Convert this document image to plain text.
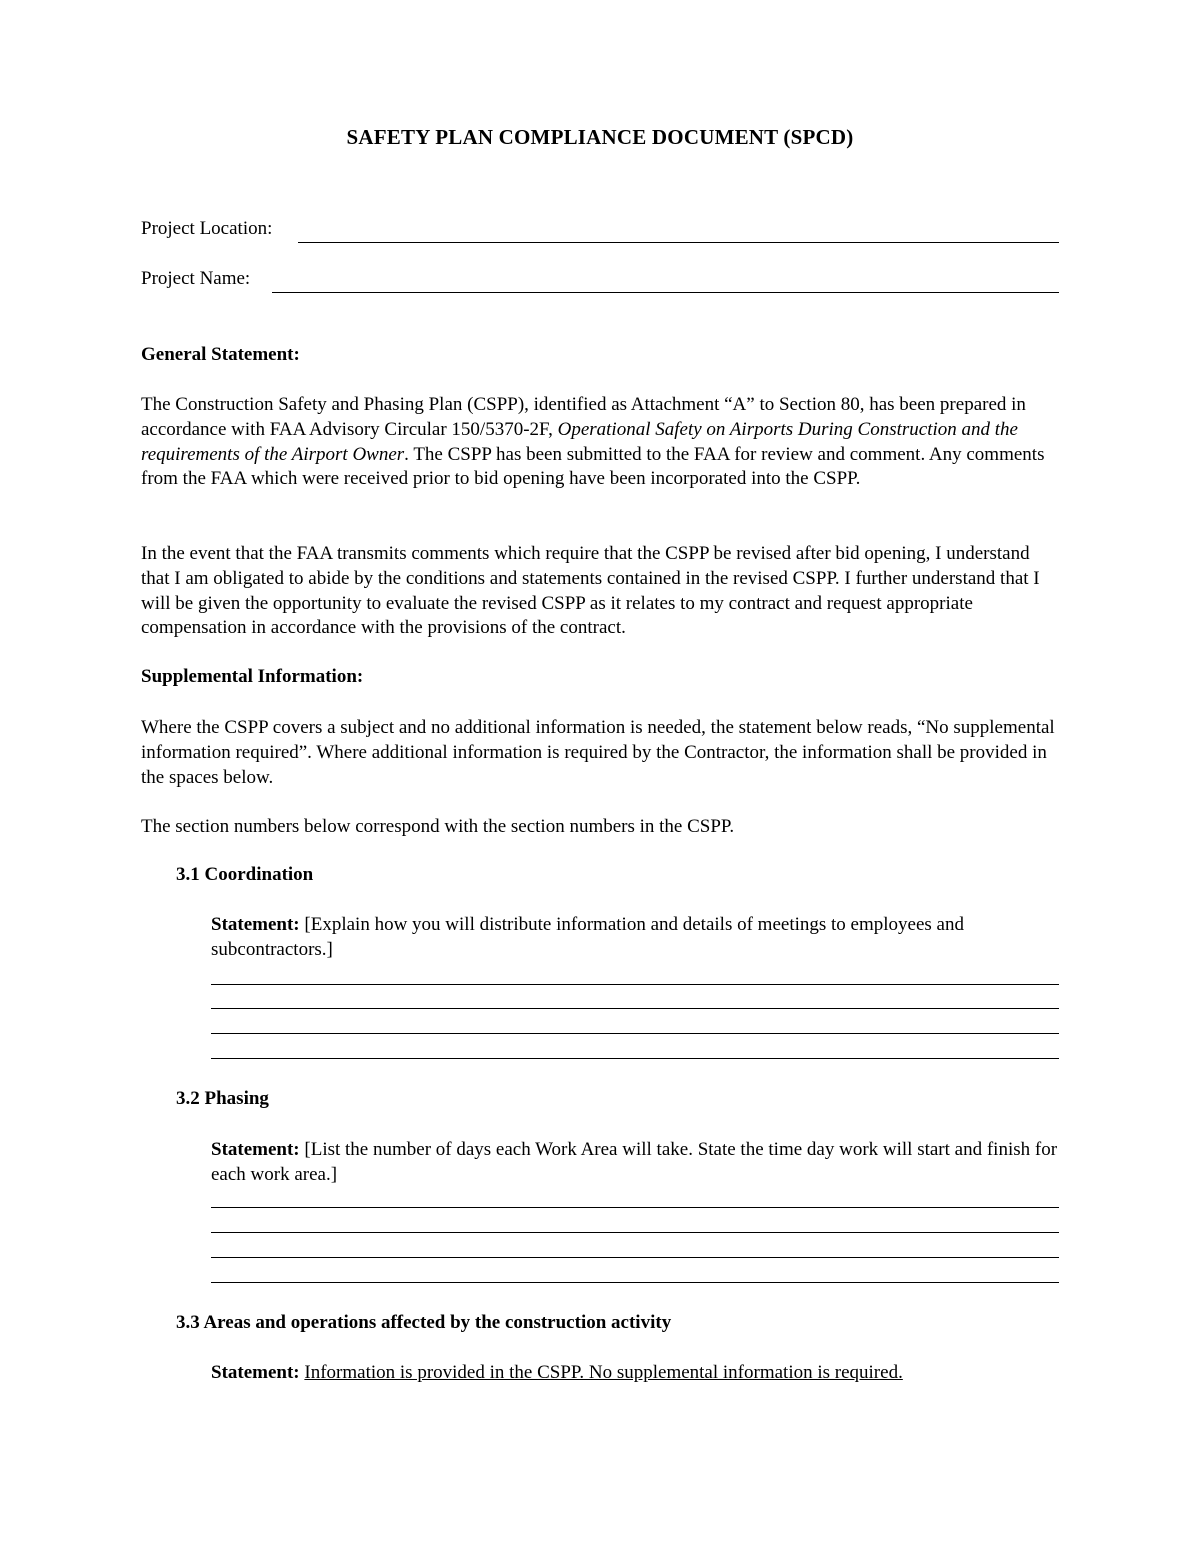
SAFETY PLAN COMPLIANCE DOCUMENT (SPCD)
Project Location:
Project Name:
General Statement:

The Construction Safety and Phasing Plan (CSPP), identified as Attachment “A” to Section 80, has been prepared in accordance with FAA Advisory Circular 150/5370-2F, Operational Safety on Airports During Construction and the requirements of the Airport Owner. The CSPP has been submitted to the FAA for review and comment. Any comments from the FAA which were received prior to bid opening have been incorporated into the CSPP.

In the event that the FAA transmits comments which require that the CSPP be revised after bid opening, I understand that I am obligated to abide by the conditions and statements contained in the revised CSPP. I further understand that I will be given the opportunity to evaluate the revised CSPP as it relates to my contract and request appropriate compensation in accordance with the provisions of the contract.

Supplemental Information:

Where the CSPP covers a subject and no additional information is needed, the statement below reads, “No supplemental information required”. Where additional information is required by the Contractor, the information shall be provided in the spaces below.

The section numbers below correspond with the section numbers in the CSPP.

3.1 Coordination
Statement: [Explain how you will distribute information and details of meetings to employees and subcontractors.]
3.2 Phasing
Statement: [List the number of days each Work Area will take. State the time day work will start and finish for each work area.]
3.3 Areas and operations affected by the construction activity
Statement: Information is provided in the CSPP. No supplemental information is required.
